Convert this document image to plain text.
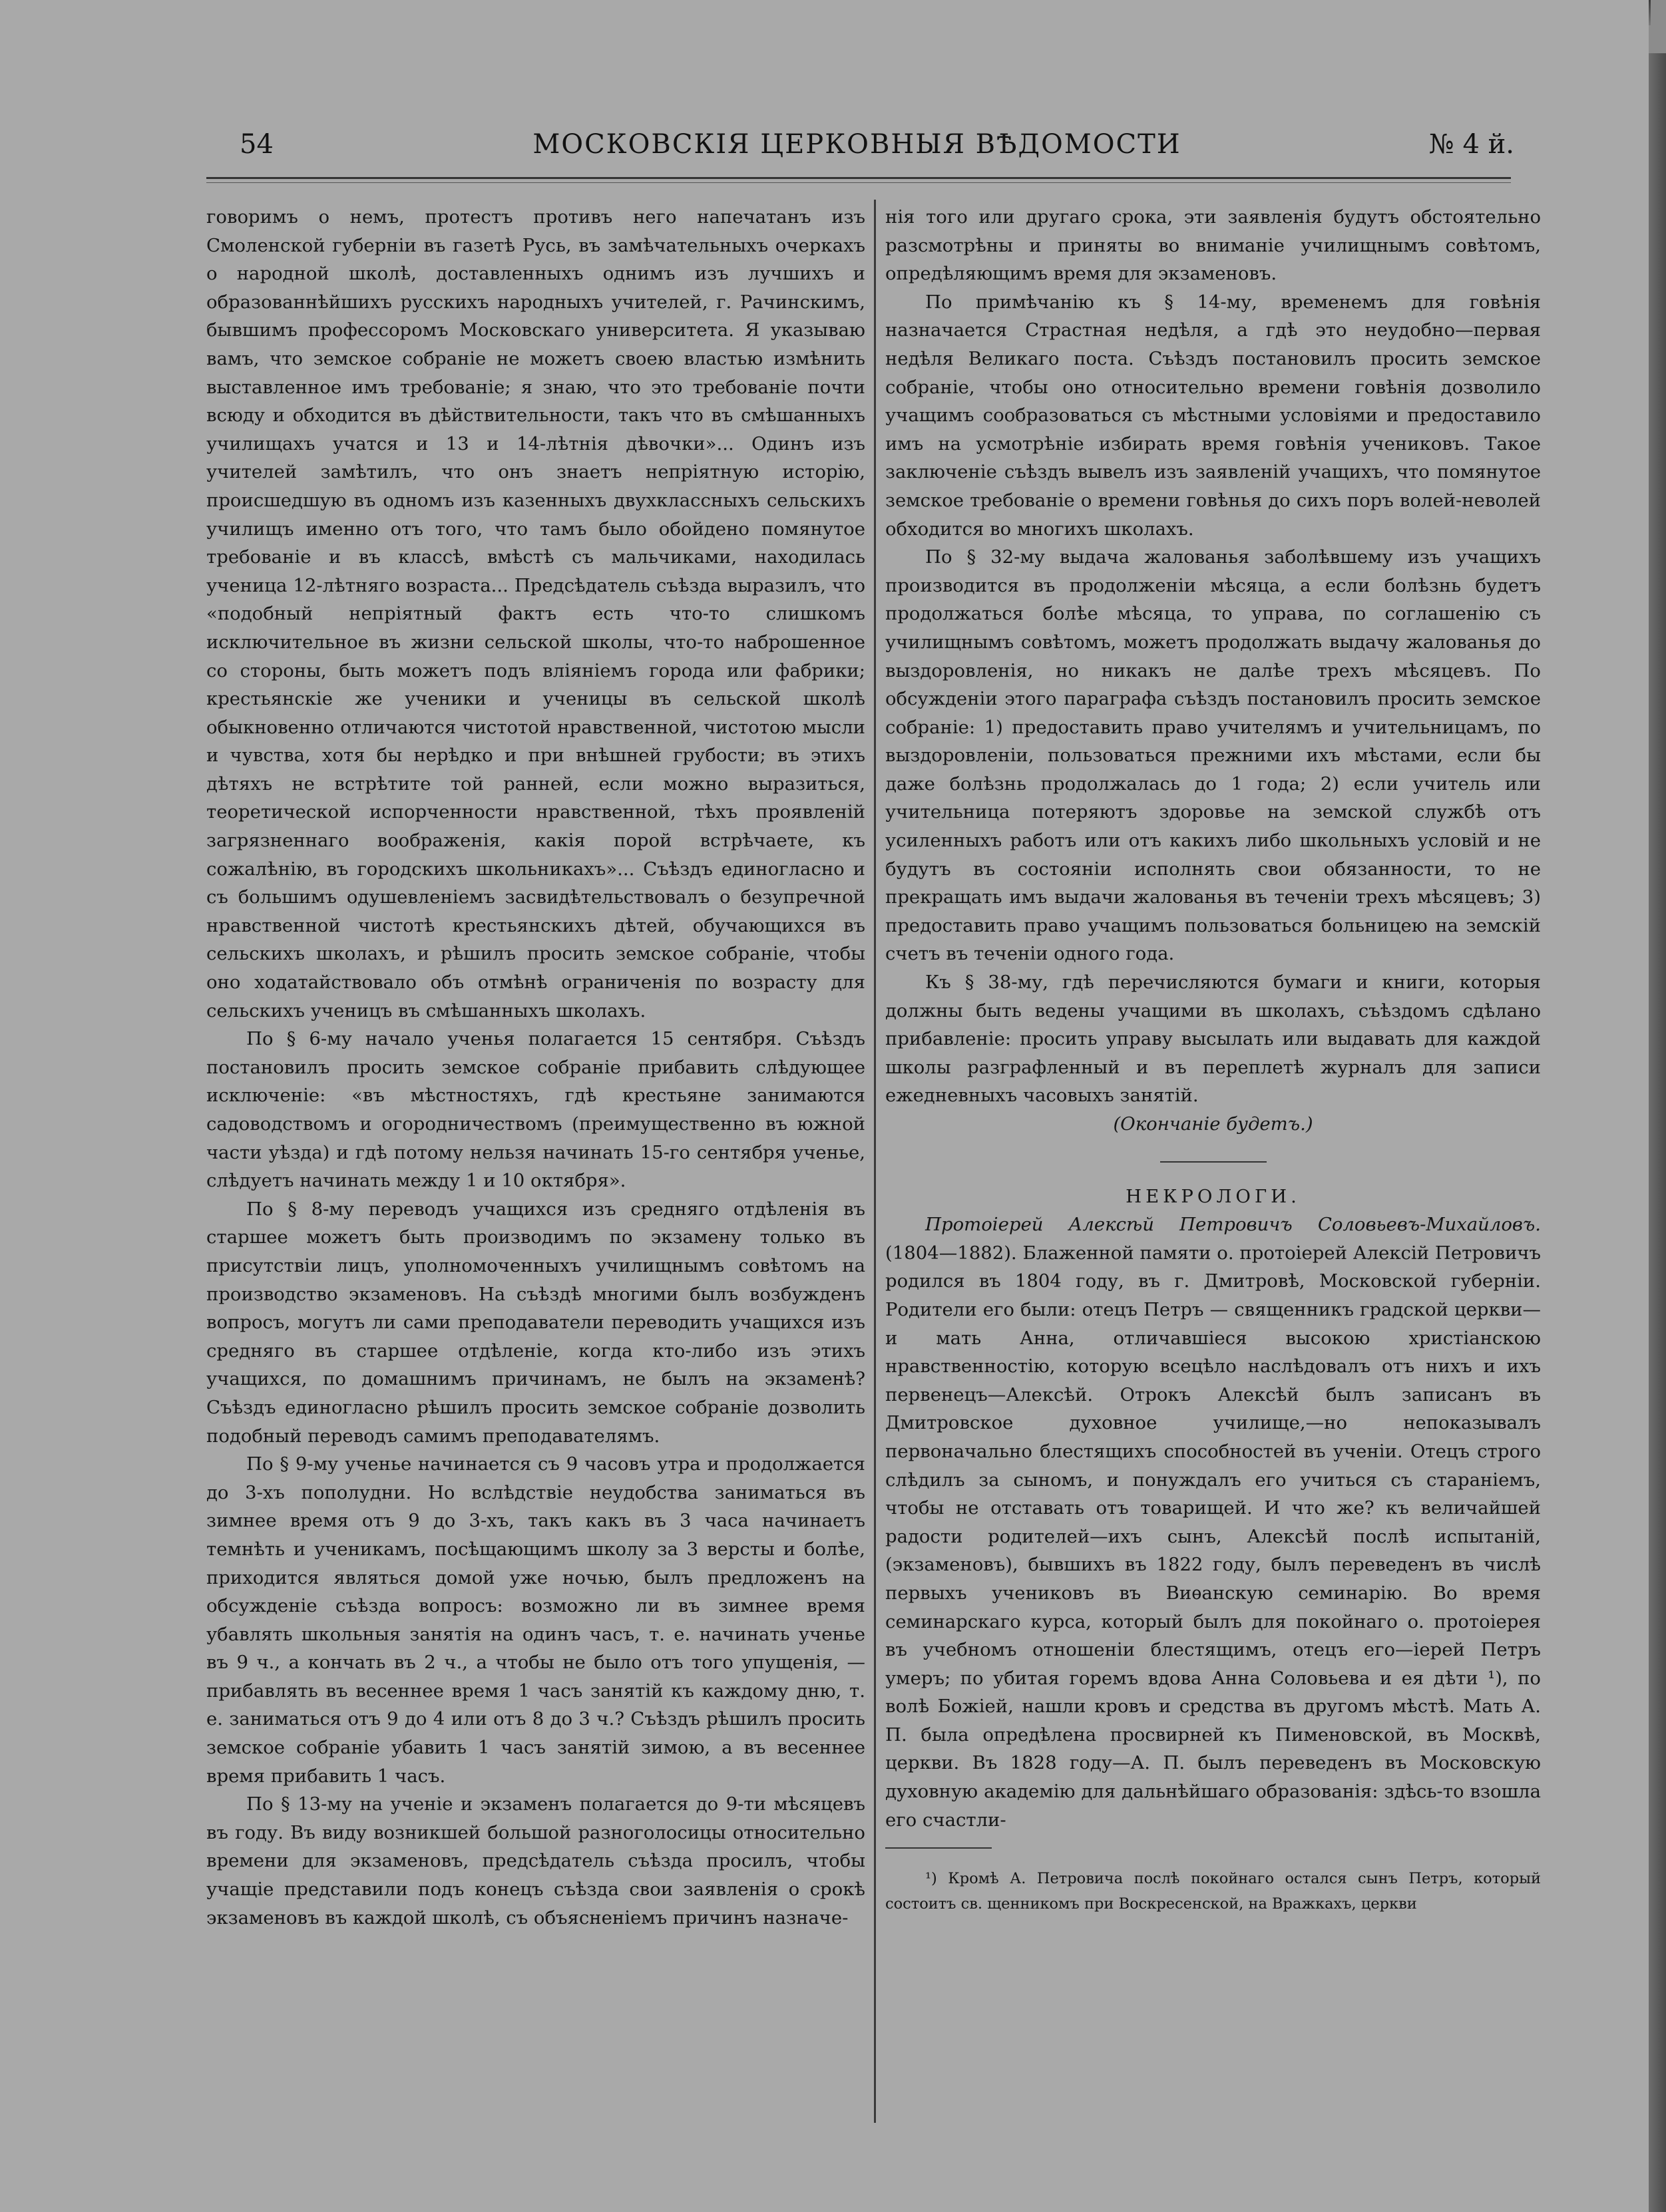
54	МОСКОВСКІЯ ЦЕРКОВНЫЯ ВѢДОМОСТИ	№ 4 й.

говоримъ о немъ, протестъ противъ него напечатанъ изъ Смоленской губерніи въ газетѣ Русь, въ замѣчательныхъ очеркахъ о народной школѣ, доставленныхъ однимъ изъ лучшихъ и образованнѣйшихъ русскихъ народныхъ учителей, г. Рачинскимъ, бывшимъ профессоромъ Московскаго университета. Я указываю вамъ, что земское собраніе не можетъ своею властью измѣнить выставленное имъ требованіе; я знаю, что это требованіе почти всюду и обходится въ дѣйствительности, такъ что въ смѣшанныхъ училищахъ учатся и 13 и 14-лѣтнія дѣвочки»... Одинъ изъ учителей замѣтилъ, что онъ знаетъ непріятную исторію, происшедшую въ одномъ изъ казенныхъ двухклассныхъ сельскихъ училищъ именно отъ того, что тамъ было обойдено помянутое требованіе и въ классѣ, вмѣстѣ съ мальчиками, находилась ученица 12-лѣтняго возраста... Предсѣдатель съѣзда выразилъ, что «подобный непріятный фактъ есть что-то слишкомъ исключительное въ жизни сельской школы, что-то наброшенное со стороны, быть можетъ подъ вліяніемъ города или фабрики; крестьянскіе же ученики и ученицы въ сельской школѣ обыкновенно отличаются чистотой нравственной, чистотою мысли и чувства, хотя бы нерѣдко и при внѣшней грубости; въ этихъ дѣтяхъ не встрѣтите той ранней, если можно выразиться, теоретической испорченности нравственной, тѣхъ проявленій загрязненнаго воображенія, какія порой встрѣчаете, къ сожалѣнію, въ городскихъ школьникахъ»... Съѣздъ единогласно и съ большимъ одушевленіемъ засвидѣтельствовалъ о безупречной нравственной чистотѣ крестьянскихъ дѣтей, обучающихся въ сельскихъ школахъ, и рѣшилъ просить земское собраніе, чтобы оно ходатайствовало объ отмѣнѣ ограниченія по возрасту для сельскихъ ученицъ въ смѣшанныхъ школахъ.

По § 6-му начало ученья полагается 15 сентября. Съѣздъ постановилъ просить земское собраніе прибавить слѣдующее исключеніе: «въ мѣстностяхъ, гдѣ крестьяне занимаются садоводствомъ и огородничествомъ (преимущественно въ южной части уѣзда) и гдѣ потому нельзя начинать 15-го сентября ученье, слѣдуетъ начинать между 1 и 10 октября».

По § 8-му переводъ учащихся изъ средняго отдѣленія въ старшее можетъ быть производимъ по экзамену только въ присутствіи лицъ, уполномоченныхъ училищнымъ совѣтомъ на производство экзаменовъ. На съѣздѣ многими былъ возбужденъ вопросъ, могутъ ли сами преподаватели переводить учащихся изъ средняго въ старшее отдѣленіе, когда кто-либо изъ этихъ учащихся, по домашнимъ причинамъ, не былъ на экзаменѣ? Съѣздъ единогласно рѣшилъ просить земское собраніе дозволить подобный переводъ самимъ преподавателямъ.

По § 9-му ученье начинается съ 9 часовъ утра и продолжается до 3-хъ пополудни. Но вслѣдствіе неудобства заниматься въ зимнее время отъ 9 до 3-хъ, такъ какъ въ 3 часа начинаетъ темнѣть и ученикамъ, посѣщающимъ школу за 3 версты и болѣе, приходится являться домой уже ночью, былъ предложенъ на обсужденіе съѣзда вопросъ: возможно ли въ зимнее время убавлять школьныя занятія на одинъ часъ, т. е. начинать ученье въ 9 ч., а кончать въ 2 ч., а чтобы не было отъ того упущенія, — прибавлять въ весеннее время 1 часъ занятій къ каждому дню, т. е. заниматься отъ 9 до 4 или отъ 8 до 3 ч.? Съѣздъ рѣшилъ просить земское собраніе убавить 1 часъ занятій зимою, а въ весеннее время прибавить 1 часъ.

По § 13-му на ученіе и экзаменъ полагается до 9-ти мѣсяцевъ въ году. Въ виду возникшей большой разноголосицы относительно времени для экзаменовъ, предсѣдатель съѣзда просилъ, чтобы учащіе представили подъ конецъ съѣзда свои заявленія о срокѣ экзаменовъ въ каждой школѣ, съ объясненіемъ причинъ назначе-

нія того или другаго срока, эти заявленія будутъ обстоятельно разсмотрѣны и приняты во вниманіе училищнымъ совѣтомъ, опредѣляющимъ время для экзаменовъ.

По примѣчанію къ § 14-му, временемъ для говѣнія назначается Страстная недѣля, а гдѣ это неудобно—первая недѣля Великаго поста. Съѣздъ постановилъ просить земское собраніе, чтобы оно относительно времени говѣнія дозволило учащимъ сообразоваться съ мѣстными условіями и предоставило имъ на усмотрѣніе избирать время говѣнія учениковъ. Такое заключеніе съѣздъ вывелъ изъ заявленій учащихъ, что помянутое земское требованіе о времени говѣнья до сихъ поръ волей-неволей обходится во многихъ школахъ.

По § 32-му выдача жалованья заболѣвшему изъ учащихъ производится въ продолженіи мѣсяца, а если болѣзнь будетъ продолжаться болѣе мѣсяца, то управа, по соглашенію съ училищнымъ совѣтомъ, можетъ продолжать выдачу жалованья до выздоровленія, но никакъ не далѣе трехъ мѣсяцевъ. По обсужденіи этого параграфа съѣздъ постановилъ просить земское собраніе: 1) предоставить право учителямъ и учительницамъ, по выздоровленіи, пользоваться прежними ихъ мѣстами, если бы даже болѣзнь продолжалась до 1 года; 2) если учитель или учительница потеряютъ здоровье на земской службѣ отъ усиленныхъ работъ или отъ какихъ либо школьныхъ условій и не будутъ въ состояніи исполнять свои обязанности, то не прекращать имъ выдачи жалованья въ теченіи трехъ мѣсяцевъ; 3) предоставить право учащимъ пользоваться больницею на земскій счетъ въ теченіи одного года.

Къ § 38-му, гдѣ перечисляются бумаги и книги, которыя должны быть ведены учащими въ школахъ, съѣздомъ сдѣлано прибавленіе: просить управу высылать или выдавать для каждой школы разграфленный и въ переплетѣ журналъ для записи ежедневныхъ часовыхъ занятій.

(Окончаніе будетъ.)

НЕКРОЛОГИ.

Протоіерей Алексѣй Петровичъ Соловьевъ-Михайловъ. (1804—1882). Блаженной памяти о. протоіерей Алексій Петровичъ родился въ 1804 году, въ г. Дмитровѣ, Московской губерніи. Родители его были: отецъ Петръ — священникъ градской церкви—и мать Анна, отличавшіеся высокою христіанскою нравственностію, которую всецѣло наслѣдовалъ отъ нихъ и ихъ первенецъ—Алексѣй. Отрокъ Алексѣй былъ записанъ въ Дмитровское духовное училище,—но непоказывалъ первоначально блестящихъ способностей въ ученіи. Отецъ строго слѣдилъ за сыномъ, и понуждалъ его учиться съ стараніемъ, чтобы не отставать отъ товарищей. И что же? къ величайшей радости родителей—ихъ сынъ, Алексѣй послѣ испытаній, (экзаменовъ), бывшихъ въ 1822 году, былъ переведенъ въ числѣ первыхъ учениковъ въ Виѳанскую семинарію. Во время семинарскаго курса, который былъ для покойнаго о. протоіерея въ учебномъ отношеніи блестящимъ, отецъ его—іерей Петръ умеръ; по убитая горемъ вдова Анна Соловьева и ея дѣти ¹), по волѣ Божіей, нашли кровъ и средства въ другомъ мѣстѣ. Мать А. П. была опредѣлена просвирней къ Пименовской, въ Москвѣ, церкви. Въ 1828 году—А. П. былъ переведенъ въ Московскую духовную академію для дальнѣйшаго образованія: здѣсь-то взошла его счастли-

¹) Кромѣ А. Петровича послѣ покойнаго остался сынъ Петръ, который состоитъ св. щенникомъ при Воскресенской, на Вражкахъ, церкви
